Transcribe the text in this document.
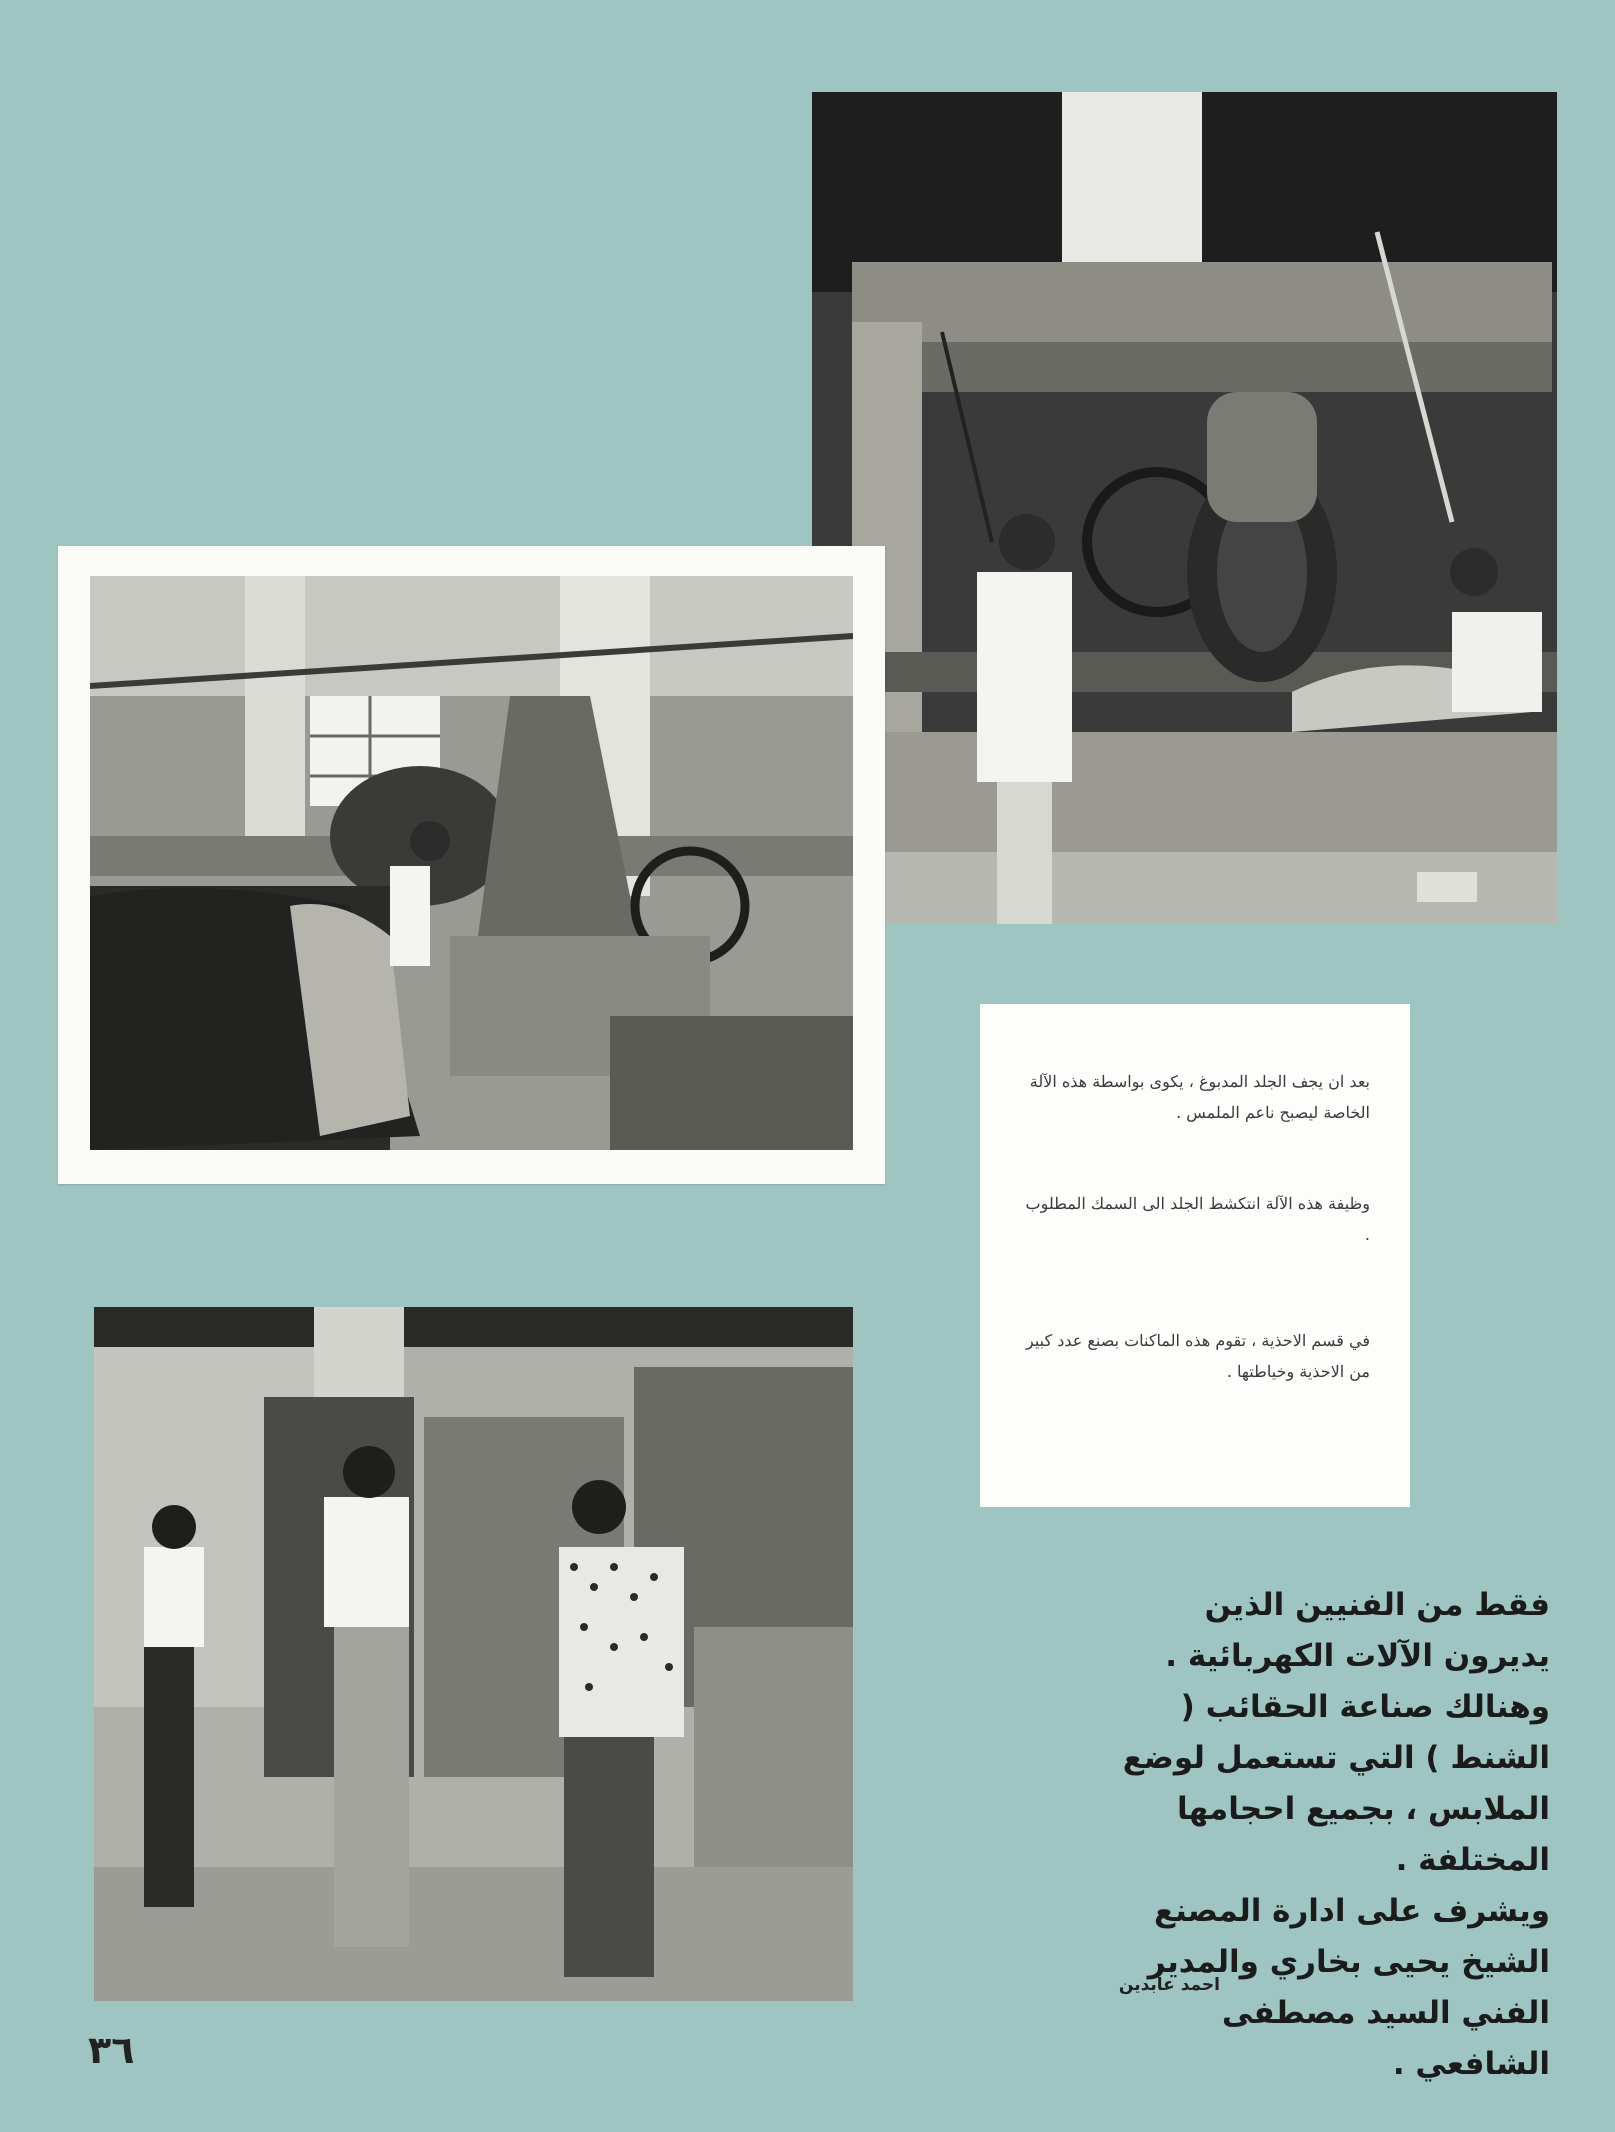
بعد ان يجف الجلد المدبوغ ، يكوى بواسطة هذه الآلة الخاصة ليصبح ناعم الملمس .

وظيفة هذه الآلة انتكشط الجلد الى السمك المطلوب .

في قسم الاحذية ، تقوم هذه الماكنات بصنع عدد كبير من الاحذية وخياطتها .

فقط من الفنيين الذين يديرون الآلات الكهربائية .

وهنالك صناعة الحقائب ( الشنط ) التي تستعمل لوضع الملابس ، بجميع احجامها المختلفة .

ويشرف على ادارة المصنع الشيخ يحيى بخاري والمدير الفني السيد مصطفى الشافعي .

احمد عابدين
٣٦
